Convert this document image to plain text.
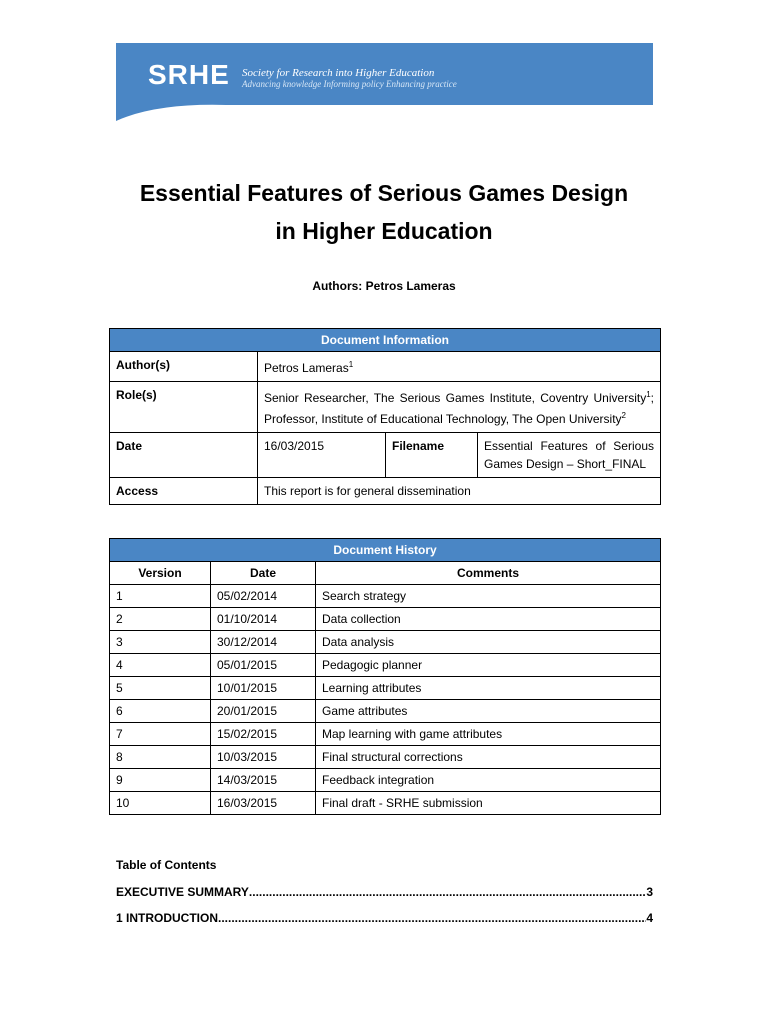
SRHE Society for Research into Higher Education
Advancing knowledge Informing policy Enhancing practice
Essential Features of Serious Games Design
in Higher Education
Authors: Petros Lameras
Document Information			
Author(s)	Petros Lameras$^1$
Role(s)	Senior Researcher, The Serious Games Institute, Coventry University$^1$; Professor, Institute of Educational Technology, The Open University$^2$
Date	16/03/2015	Filename	Essential Features of Serious Games Design – Short_FINAL
Access	This report is for general dissemination		
Document History		
Version	Date	Comments
1	05/02/2014	Search strategy
2	01/10/2014	Data collection
3	30/12/2014	Data analysis
4	05/01/2015	Pedagogic planner
5	10/01/2015	Learning attributes
6	20/01/2015	Game attributes
7	15/02/2015	Map learning with game attributes
8	10/03/2015	Final structural corrections
9	14/03/2015	Feedback integration
10	16/03/2015	Final draft - SRHE submission
Table of Contents
EXECUTIVE SUMMARY .....	3
1 INTRODUCTION .....	4
